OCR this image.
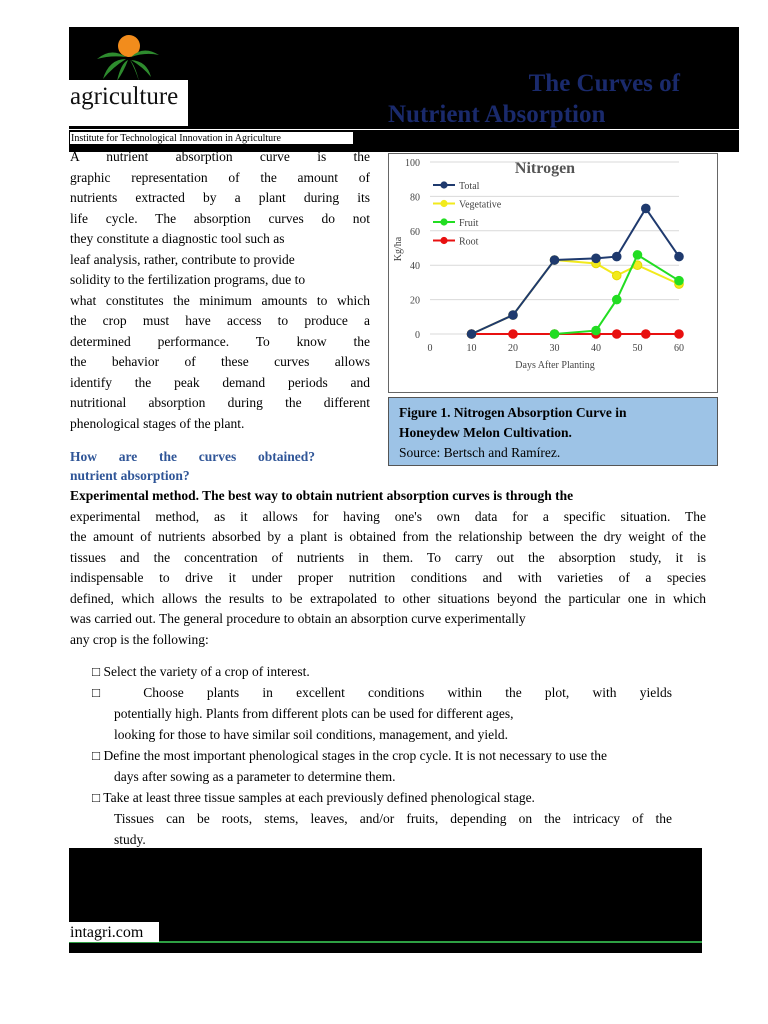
agriculture	The Curves of
Nutrient Absorption
Institute for Technological Innovation in Agriculture
A nutrient absorption curve is the
graphic representation of the amount of
nutrients extracted by a plant during its
life cycle. The absorption curves do not
they constitute a diagnostic tool such as
leaf analysis, rather, contribute to provide
solidity to the fertilization programs, due to
what constitutes the minimum amounts to which
the crop must have access to produce a
determined performance. To know the
the behavior of these curves allows
identify the peak demand periods and
nutritional absorption during the different
phenological stages of the plant.
0
20
40
60
80
100
0	10	20	30	40	50	60
Nitrogen
Days After Planting
Kg/ha
Total
Vegetative
Fruit
Root
Figure 1. Nitrogen Absorption Curve in
Honeydew Melon Cultivation.
Source: Bertsch and Ramírez.
How are the curves obtained?
nutrient absorption?
Experimental method. The best way to obtain nutrient absorption curves is through the
experimental method, as it allows for having one's own data for a specific situation. The
the amount of nutrients absorbed by a plant is obtained from the relationship between the dry weight of the
tissues and the concentration of nutrients in them. To carry out the absorption study, it is
indispensable to drive it under proper nutrition conditions and with varieties of a species
defined, which allows the results to be extrapolated to other situations beyond the particular one in which
was carried out. The general procedure to obtain an absorption curve experimentally
any crop is the following:
□ Select the variety of a crop of interest.
□ Choose plants in excellent conditions within the plot, with yields
potentially high. Plants from different plots can be used for different ages,
looking for those to have similar soil conditions, management, and yield.
□ Define the most important phenological stages in the crop cycle. It is not necessary to use the
days after sowing as a parameter to determine them.
□ Take at least three tissue samples at each previously defined phenological stage.
Tissues can be roots, stems, leaves, and/or fruits, depending on the intricacy of the
study.
intagri.com
